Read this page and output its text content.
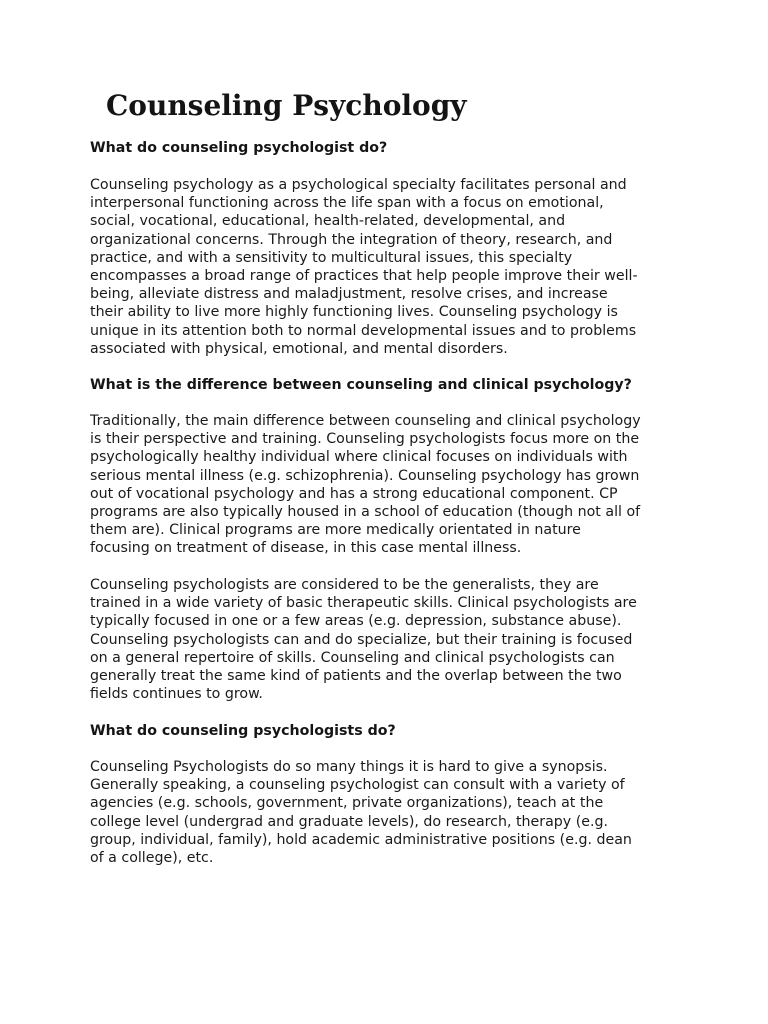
Counseling Psychology
What do counseling psychologist do?

Counseling psychology as a psychological specialty facilitates personal and
interpersonal functioning across the life span with a focus on emotional,
social, vocational, educational, health-related, developmental, and
organizational concerns. Through the integration of theory, research, and
practice, and with a sensitivity to multicultural issues, this specialty
encompasses a broad range of practices that help people improve their well-
being, alleviate distress and maladjustment, resolve crises, and increase
their ability to live more highly functioning lives. Counseling psychology is
unique in its attention both to normal developmental issues and to problems
associated with physical, emotional, and mental disorders.

What is the difference between counseling and clinical psychology?

Traditionally, the main difference between counseling and clinical psychology
is their perspective and training. Counseling psychologists focus more on the
psychologically healthy individual where clinical focuses on individuals with
serious mental illness (e.g. schizophrenia). Counseling psychology has grown
out of vocational psychology and has a strong educational component. CP
programs are also typically housed in a school of education (though not all of
them are). Clinical programs are more medically orientated in nature
focusing on treatment of disease, in this case mental illness.

Counseling psychologists are considered to be the generalists, they are
trained in a wide variety of basic therapeutic skills. Clinical psychologists are
typically focused in one or a few areas (e.g. depression, substance abuse).
Counseling psychologists can and do specialize, but their training is focused
on a general repertoire of skills. Counseling and clinical psychologists can
generally treat the same kind of patients and the overlap between the two
fields continues to grow.

What do counseling psychologists do?

Counseling Psychologists do so many things it is hard to give a synopsis.
Generally speaking, a counseling psychologist can consult with a variety of
agencies (e.g. schools, government, private organizations), teach at the
college level (undergrad and graduate levels), do research, therapy (e.g.
group, individual, family), hold academic administrative positions (e.g. dean
of a college), etc.
